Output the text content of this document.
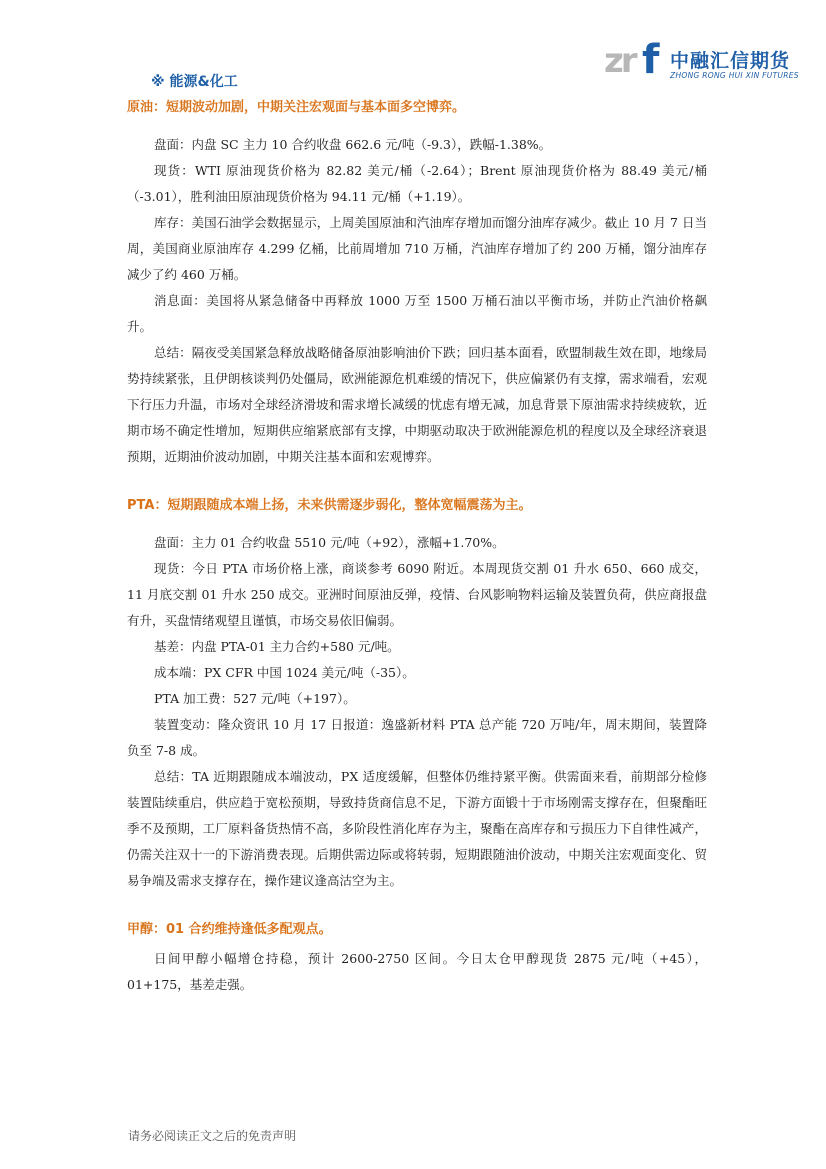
zr f 中融汇信期货
ZHONG RONG HUI XIN FUTURES
※ 能源&化工
原油：短期波动加剧，中期关注宏观面与基本面多空博弈。

盘面：内盘 SC 主力 10 合约收盘 662.6 元/吨（-9.3），跌幅-1.38%。

现货：WTI 原油现货价格为 82.82 美元/桶（-2.64）；Brent 原油现货价格为 88.49 美元/桶（-3.01），胜利油田原油现货价格为 94.11 元/桶（+1.19）。

库存：美国石油学会数据显示，上周美国原油和汽油库存增加而馏分油库存减少。截止 10 月 7 日当周，美国商业原油库存 4.299 亿桶，比前周增加 710 万桶，汽油库存增加了约 200 万桶，馏分油库存减少了约 460 万桶。

消息面：美国将从紧急储备中再释放 1000 万至 1500 万桶石油以平衡市场，并防止汽油价格飙升。

总结：隔夜受美国紧急释放战略储备原油影响油价下跌；回归基本面看，欧盟制裁生效在即，地缘局势持续紧张，且伊朗核谈判仍处僵局，欧洲能源危机难缓的情况下，供应偏紧仍有支撑，需求端看，宏观下行压力升温，市场对全球经济滑坡和需求增长减缓的忧虑有增无减，加息背景下原油需求持续疲软，近期市场不确定性增加，短期供应缩紧底部有支撑，中期驱动取决于欧洲能源危机的程度以及全球经济衰退预期，近期油价波动加剧，中期关注基本面和宏观博弈。

PTA：短期跟随成本端上扬，未来供需逐步弱化，整体宽幅震荡为主。

盘面：主力 01 合约收盘 5510 元/吨（+92），涨幅+1.70%。

现货：今日 PTA 市场价格上涨，商谈参考 6090 附近。本周现货交割 01 升水 650、660 成交，11 月底交割 01 升水 250 成交。亚洲时间原油反弹，疫情、台风影响物料运输及装置负荷，供应商报盘有升，买盘情绪观望且谨慎，市场交易依旧偏弱。

基差：内盘 PTA-01 主力合约+580 元/吨。

成本端：PX CFR 中国 1024 美元/吨（-35）。

PTA 加工费：527 元/吨（+197）。

装置变动：隆众资讯 10 月 17 日报道：逸盛新材料 PTA 总产能 720 万吨/年，周末期间，装置降负至 7-8 成。

总结：TA 近期跟随成本端波动，PX 适度缓解，但整体仍维持紧平衡。供需面来看，前期部分检修装置陆续重启，供应趋于宽松预期，导致持货商信息不足，下游方面锻十于市场刚需支撑存在，但聚酯旺季不及预期，工厂原料备货热情不高，多阶段性消化库存为主，聚酯在高库存和亏损压力下自律性减产，仍需关注双十一的下游消费表现。后期供需边际或将转弱，短期跟随油价波动，中期关注宏观面变化、贸易争端及需求支撑存在，操作建议逢高沽空为主。

甲醇：01 合约维持逢低多配观点。

日间甲醇小幅增仓持稳，预计 2600-2750 区间。今日太仓甲醇现货 2875 元/吨（+45），01+175，基差走强。

请务必阅读正文之后的免责声明
